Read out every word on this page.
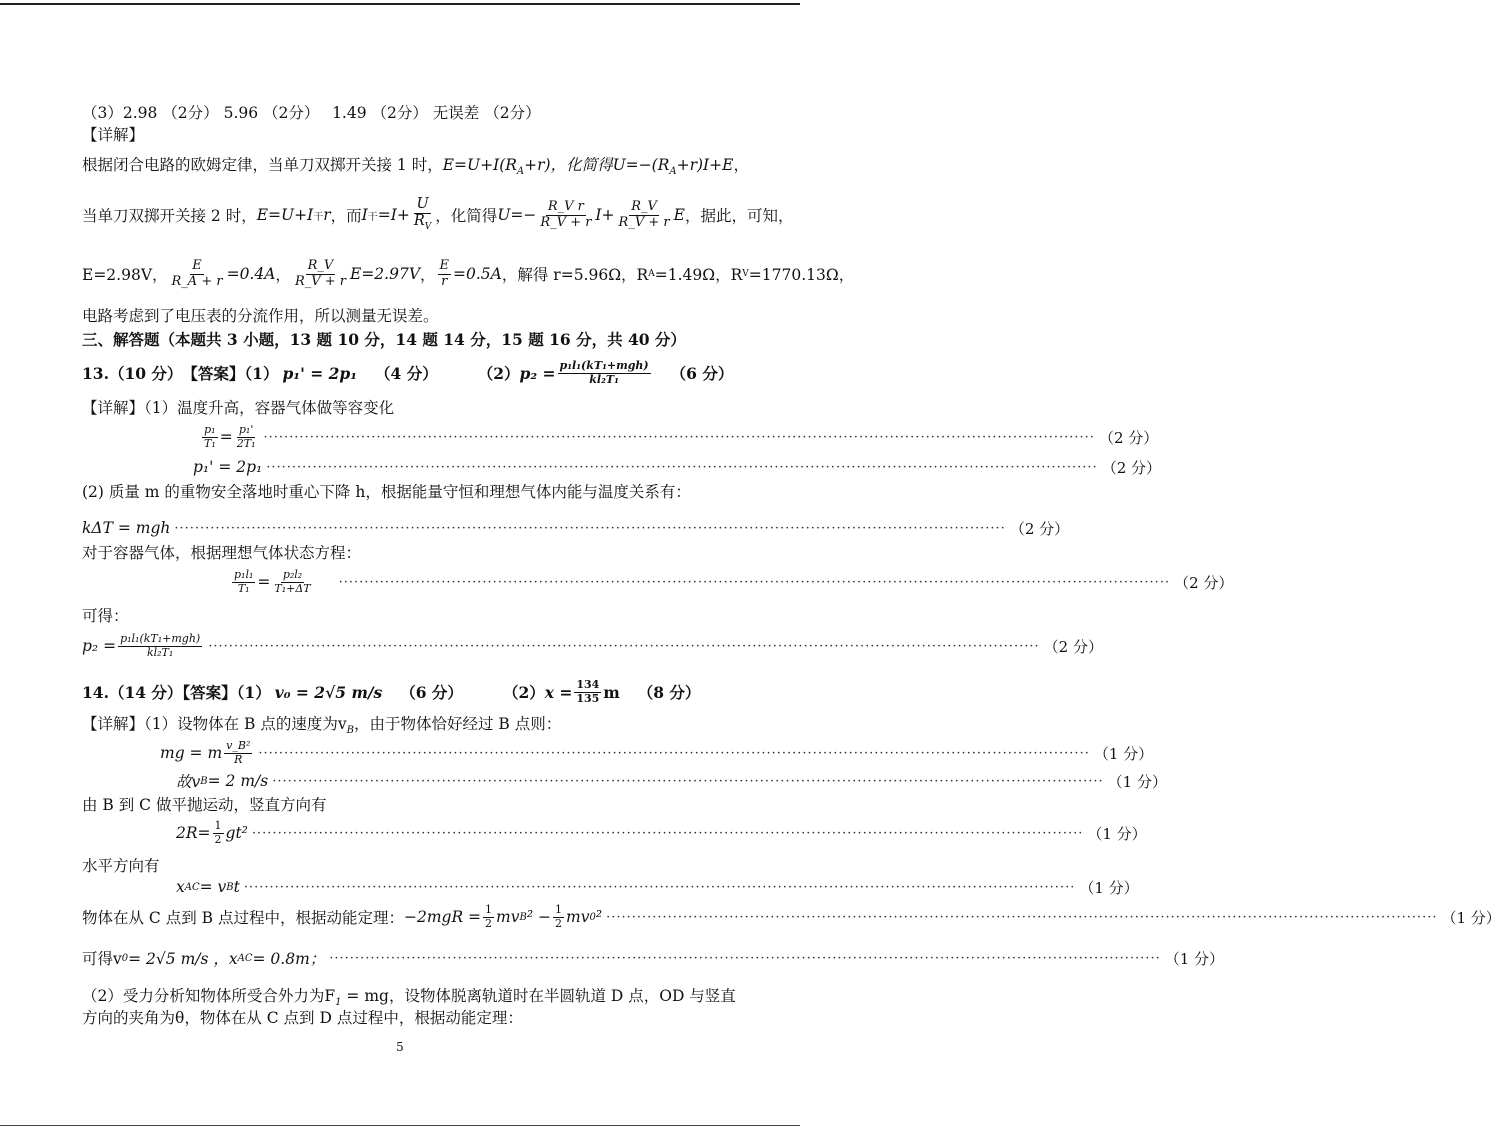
（3）2.98 （2分） 5.96 （2分）　 1.49 （2分） 无误差 （2分）
【详解】
根据闭合电路的欧姆定律，当单刀双掷开关接 1 时，$E=U+I(R_A+r)$，化简得$U=-(R_A+r)I+E$，
当单刀双掷开关接 2 时， E=U+I 干 r ，而 I 干 $=I+ \frac{U}{R_V}$ ，化简得 $U=- \frac{\text{R\_V r}}{R\_V + r} I+ \frac{R\_V}{R\_V + r}$ E ，据此，可知，
E=2.98V， $\frac{E}{R\_A + r} =0.4A$ ， $\frac{R\_V}{R\_V + r} E=2.97V$ ， $\frac{E}{r} =0.5A$ ，解得 r=5.96Ω，R A =1.49Ω，R V =1770.13Ω，
电路考虑到了电压表的分流作用，所以测量无误差。
三、解答题（本题共 3 小题，13 题 10 分，14 题 14 分，15 题 16 分，共 40 分）
13.（10 分）　【答案】（1） p₁' = 2p₁ （4 分）	（2） p₂ = p₁l₁(kT₁+mgh)
kl₂T₁	（6 分）
【详解】（1）温度升高，容器气体做等容变化
$\frac{\text{p₁}}{\text{T₁}} = \frac{\text{p₁'}}{\text{2T₁}}$ ·····	（2 分）
p₁' = 2p₁ ·····	（2 分）
(2) 质量 m 的重物安全落地时重心下降 h，根据能量守恒和理想气体内能与温度关系有：
kΔT = mgh ·····	（2 分）
对于容器气体，根据理想气体状态方程：
$\frac{\text{p₁l₁}}{\text{T₁}} = \frac{\text{p₂l₂}}{\text{T₁+ΔT}}$ ·····	（2 分）
可得：
p₂ = p₁l₁(kT₁+mgh)
kl₂T₁ ·····	（2 分）
14.（14 分）【答案】（1） v₀ = 2√5 m/s （6 分）	（2） $x = \frac{134}{135}$ m （8 分）
【详解】（1）设物体在 B 点的速度为$v_B$，由于物体恰好经过 B 点则：
mg = m $\frac{\text{v\_B²}}{R}$ ·····	（1 分）
故v B = 2 m/s ·····	（1 分）
由 B 到 C 做平抛运动，竖直方向有
$2R= \frac{1}{2} gt^2$ ·····	（1 分）
水平方向有
x AC = v B t ·····	（1 分）
物体在从 C 点到 B 点过程中，根据动能定理： $-2mgR = \frac{1}{2}$ mv B $^2 - \frac{1}{2}$ mv 0 ² ·····	（1 分）
可得v 0 = 2√5 m/s ，x AC = 0.8m； ·····	（1 分）
（2）受力分析知物体所受合外力为$F_1$ = mg，设物体脱离轨道时在半圆轨道 D 点，OD 与竖直
方向的夹角为θ，物体在从 C 点到 D 点过程中，根据动能定理：
5
